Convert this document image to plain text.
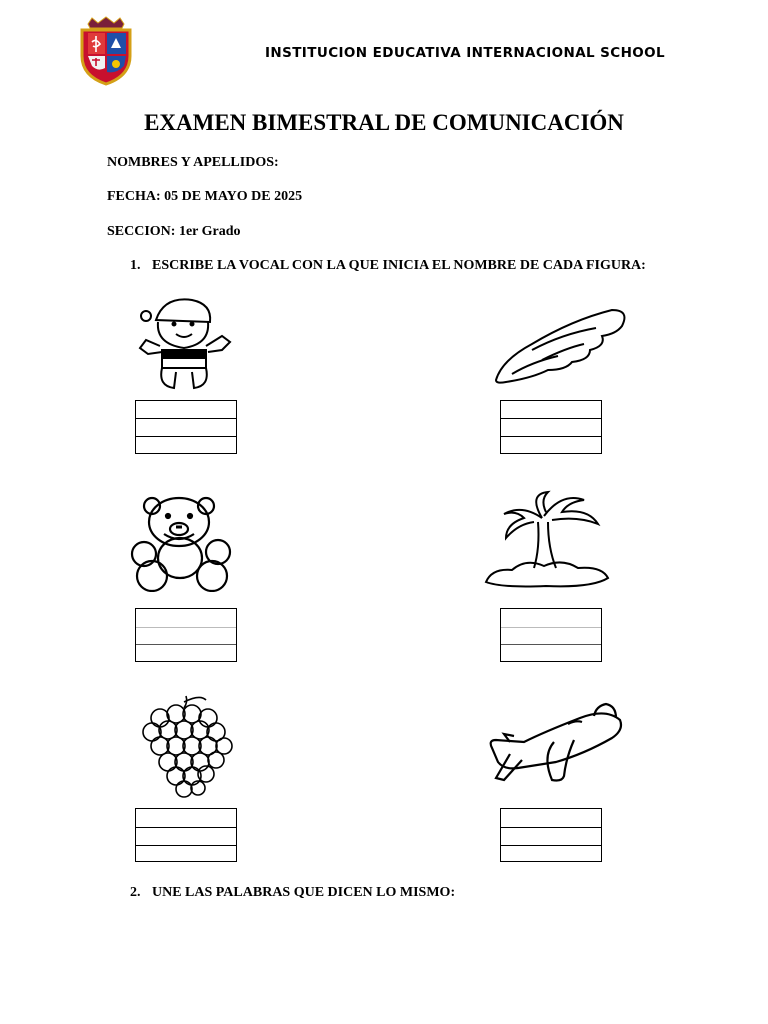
INSTITUCION EDUCATIVA INTERNACIONAL SCHOOL
EXAMEN BIMESTRAL DE COMUNICACIÓN
NOMBRES Y APELLIDOS:
FECHA: 05 DE MAYO DE 2025
SECCION: 1er Grado
1. ESCRIBE LA VOCAL CON LA QUE INICIA EL NOMBRE DE CADA FIGURA:
2. UNE LAS PALABRAS QUE DICEN LO MISMO:
